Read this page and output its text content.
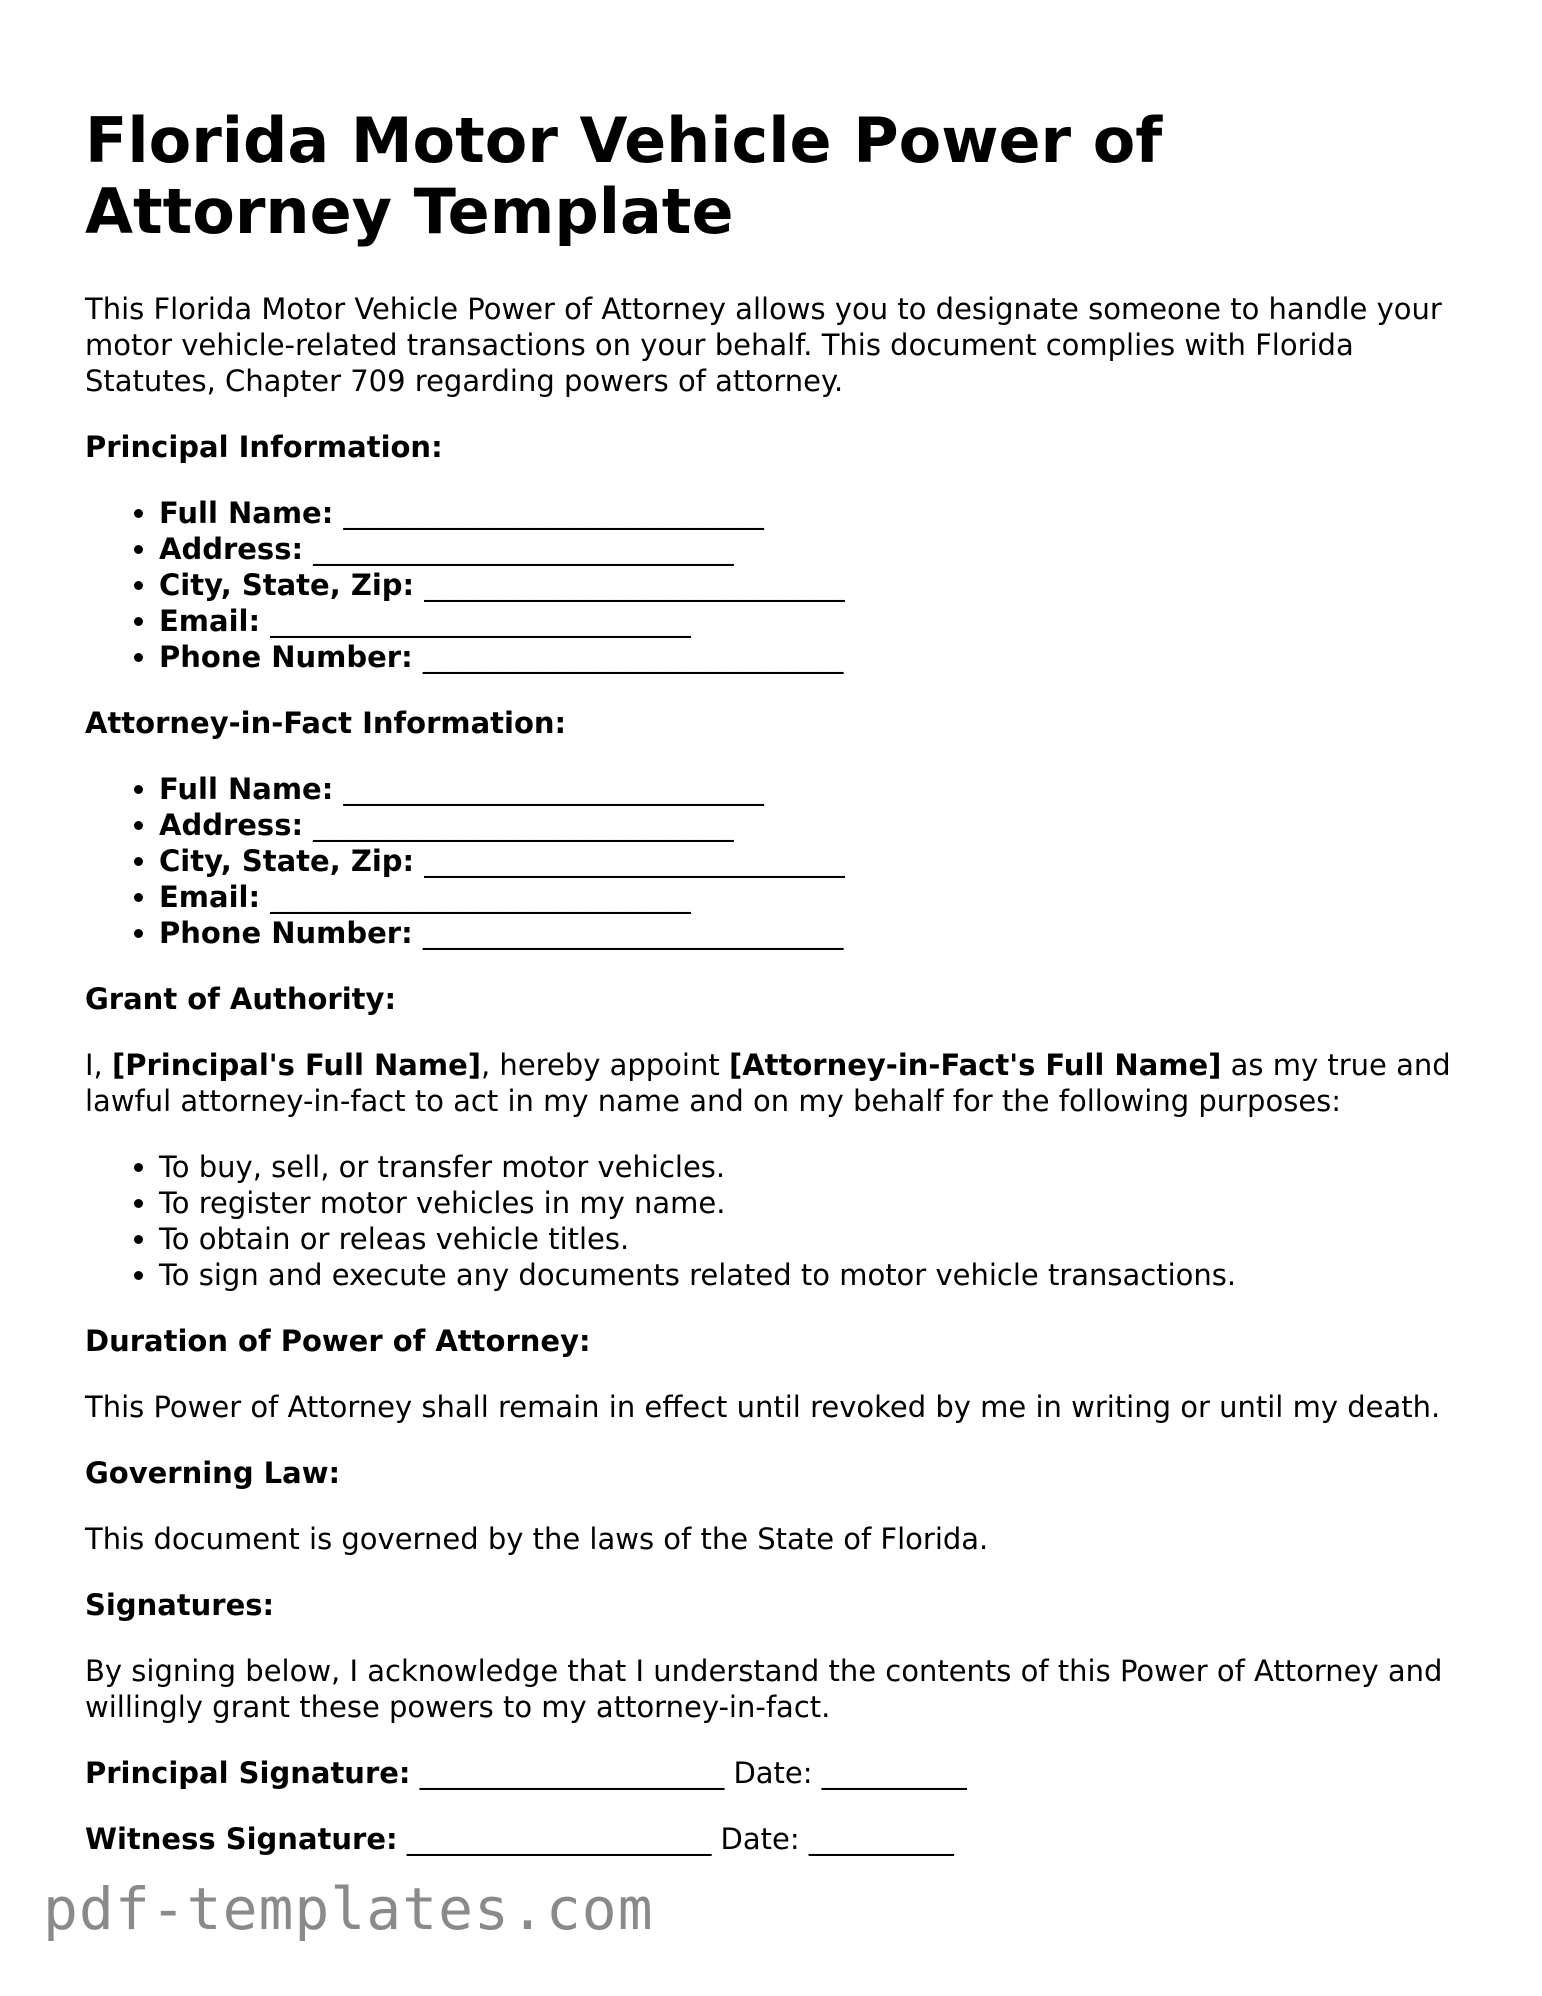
Florida Motor Vehicle Power of Attorney Template

This Florida Motor Vehicle Power of Attorney allows you to designate someone to handle your motor vehicle-related transactions on your behalf. This document complies with Florida Statutes, Chapter 709 regarding powers of attorney.

Principal Information:
• Full Name: ______________________________
• Address: ______________________________
• City, State, Zip: ______________________________
• Email: ______________________________
• Phone Number: ______________________________
Attorney-in-Fact Information:
• Full Name: ______________________________
• Address: ______________________________
• City, State, Zip: ______________________________
• Email: ______________________________
• Phone Number: ______________________________
Grant of Authority:

I, [Principal's Full Name], hereby appoint [Attorney-in-Fact's Full Name] as my true and lawful attorney-in-fact to act in my name and on my behalf for the following purposes:

• To buy, sell, or transfer motor vehicles.
• To register motor vehicles in my name.
• To obtain or releas vehicle titles.
• To sign and execute any documents related to motor vehicle transactions.
Duration of Power of Attorney:

This Power of Attorney shall remain in effect until revoked by me in writing or until my death.

Governing Law:

This document is governed by the laws of the State of Florida.

Signatures:

By signing below, I acknowledge that I understand the contents of this Power of Attorney and willingly grant these powers to my attorney-in-fact.

Principal Signature: _____________________ Date: __________
Witness Signature: _____________________ Date: __________
pdf-templates.com
